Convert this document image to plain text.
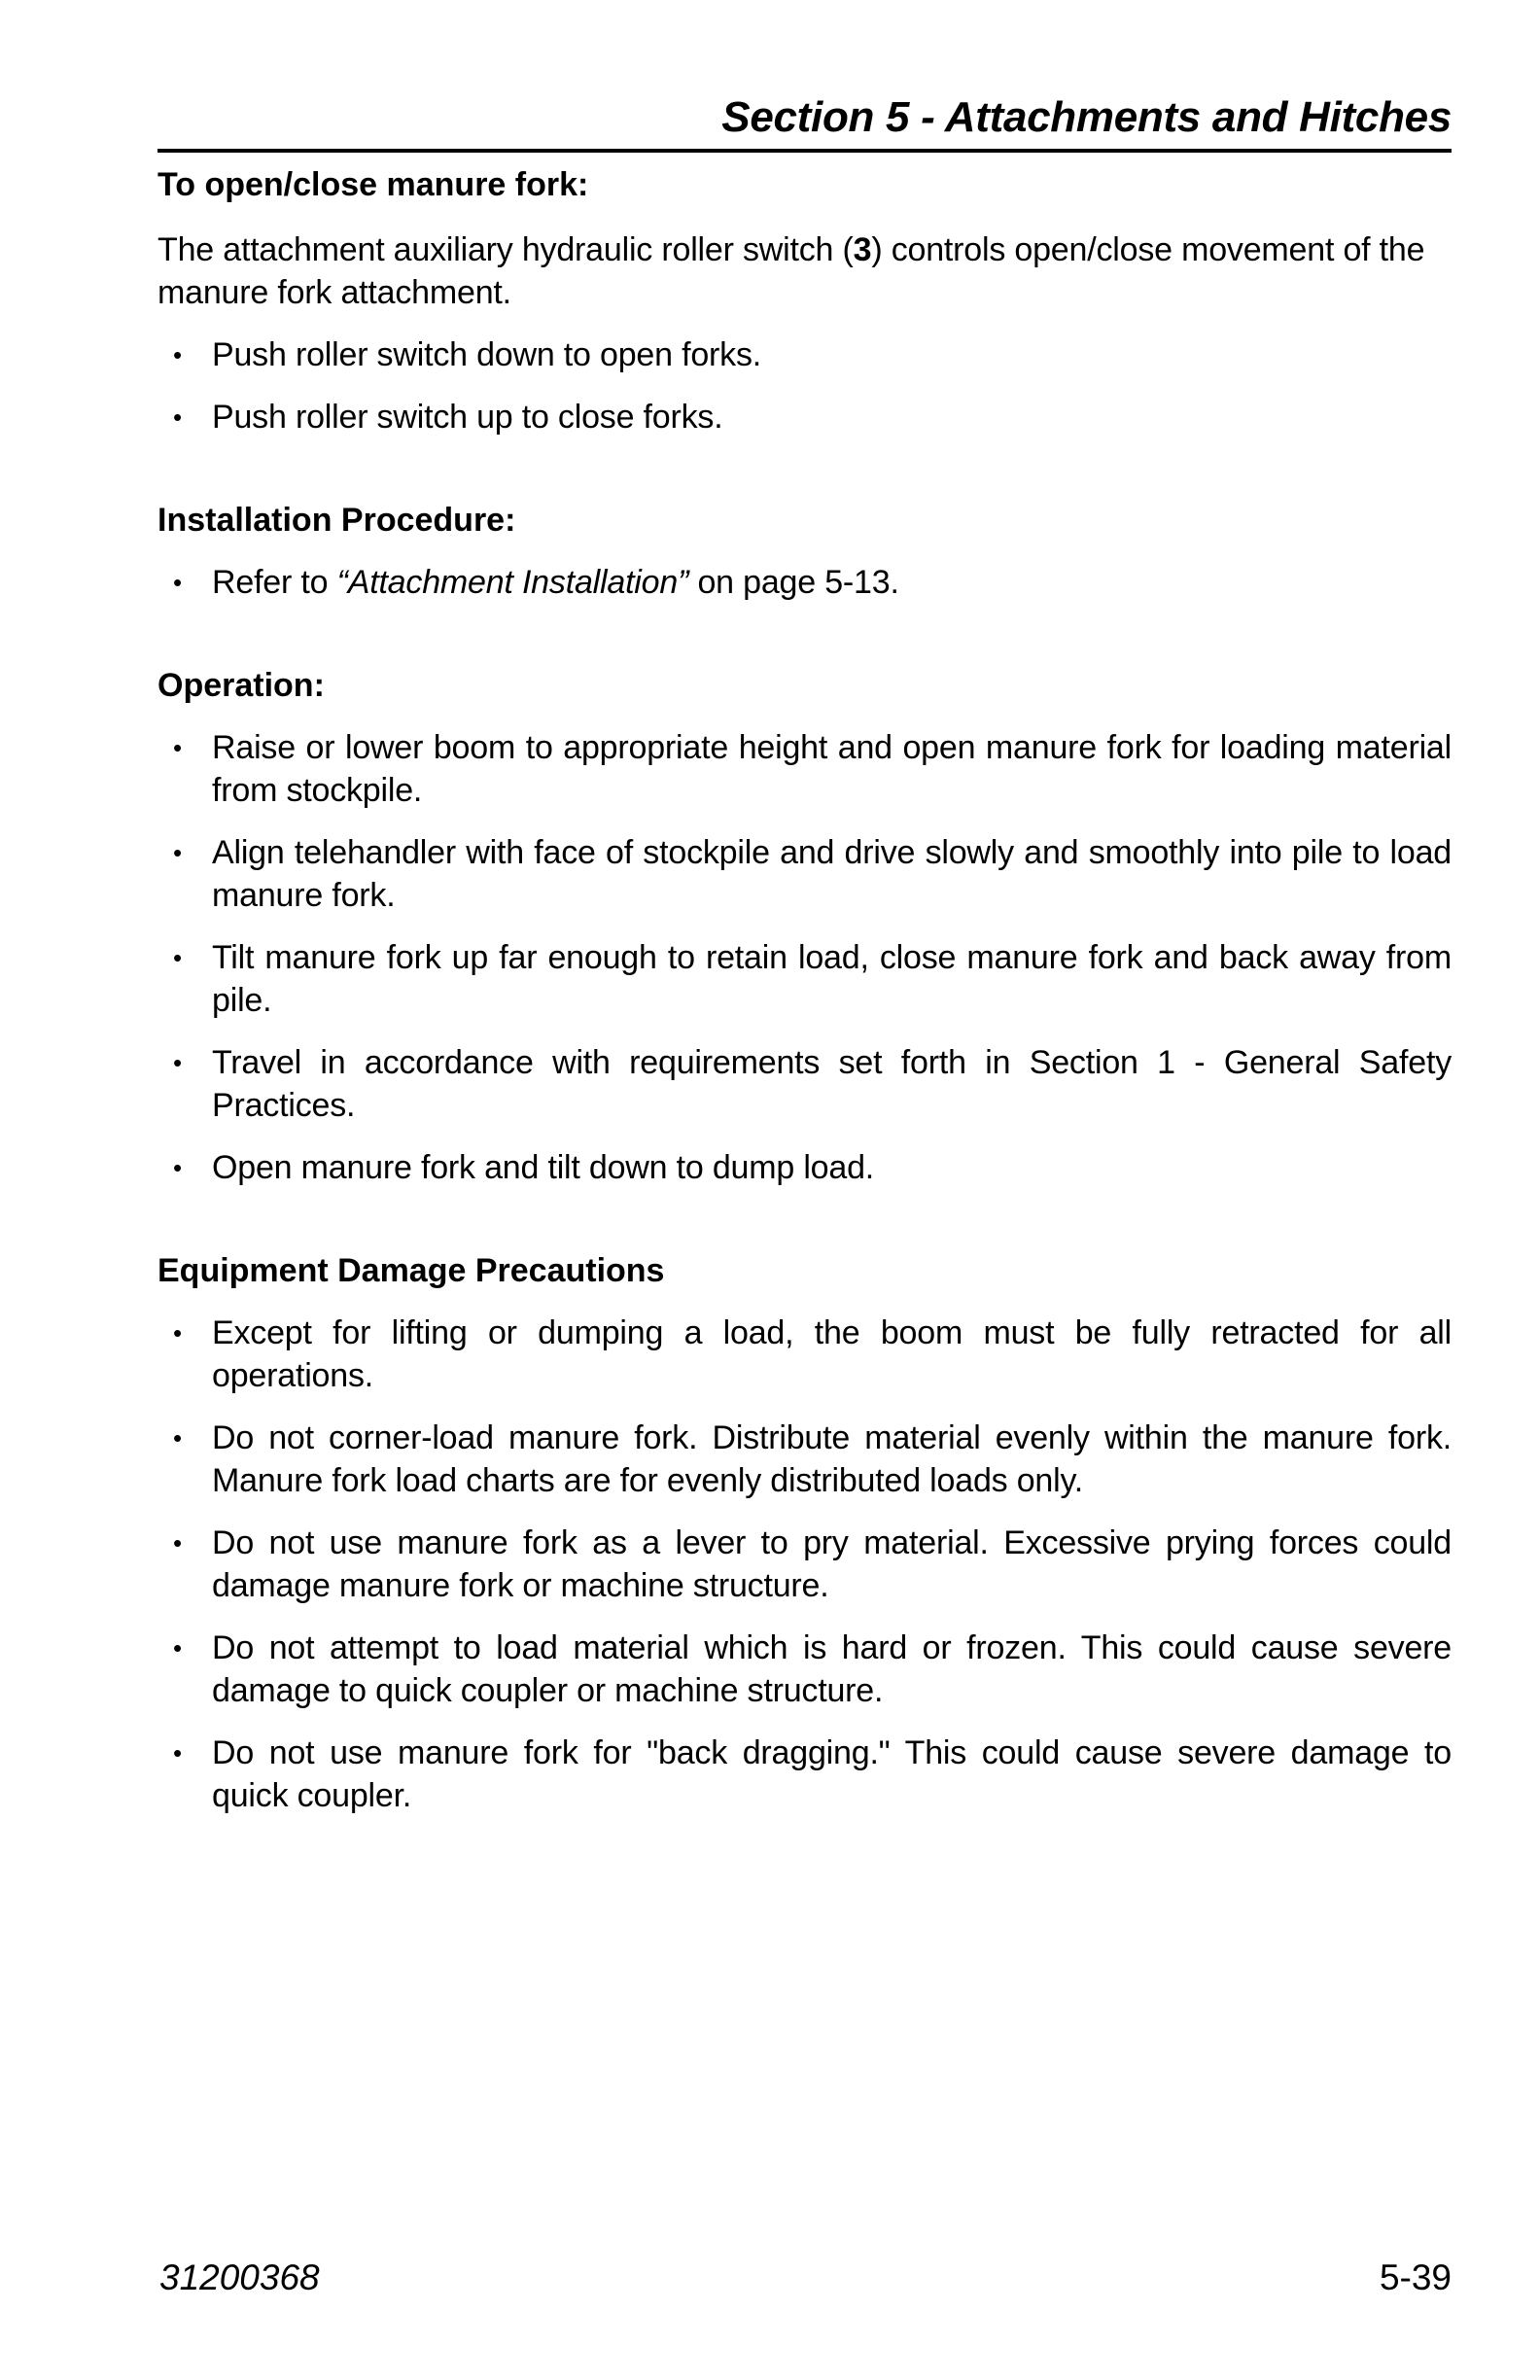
Section 5 - Attachments and Hitches
To open/close manure fork:

The attachment auxiliary hydraulic roller switch (3) controls open/close movement of the manure fork attachment.

• Push roller switch down to open forks.
• Push roller switch up to close forks.
Installation Procedure:
• Refer to “Attachment Installation” on page 5-13.
Operation:
• Raise or lower boom to appropriate height and open manure fork for loading material from stockpile.
• Align telehandler with face of stockpile and drive slowly and smoothly into pile to load manure fork.
• Tilt manure fork up far enough to retain load, close manure fork and back away from pile.
• Travel in accordance with requirements set forth in Section 1 - General Safety Practices.
• Open manure fork and tilt down to dump load.
Equipment Damage Precautions
• Except for lifting or dumping a load, the boom must be fully retracted for all operations.
• Do not corner-load manure fork. Distribute material evenly within the manure fork. Manure fork load charts are for evenly distributed loads only.
• Do not use manure fork as a lever to pry material. Excessive prying forces could damage manure fork or machine structure.
• Do not attempt to load material which is hard or frozen. This could cause severe damage to quick coupler or machine structure.
• Do not use manure fork for "back dragging." This could cause severe damage to quick coupler.
31200368	5-39
